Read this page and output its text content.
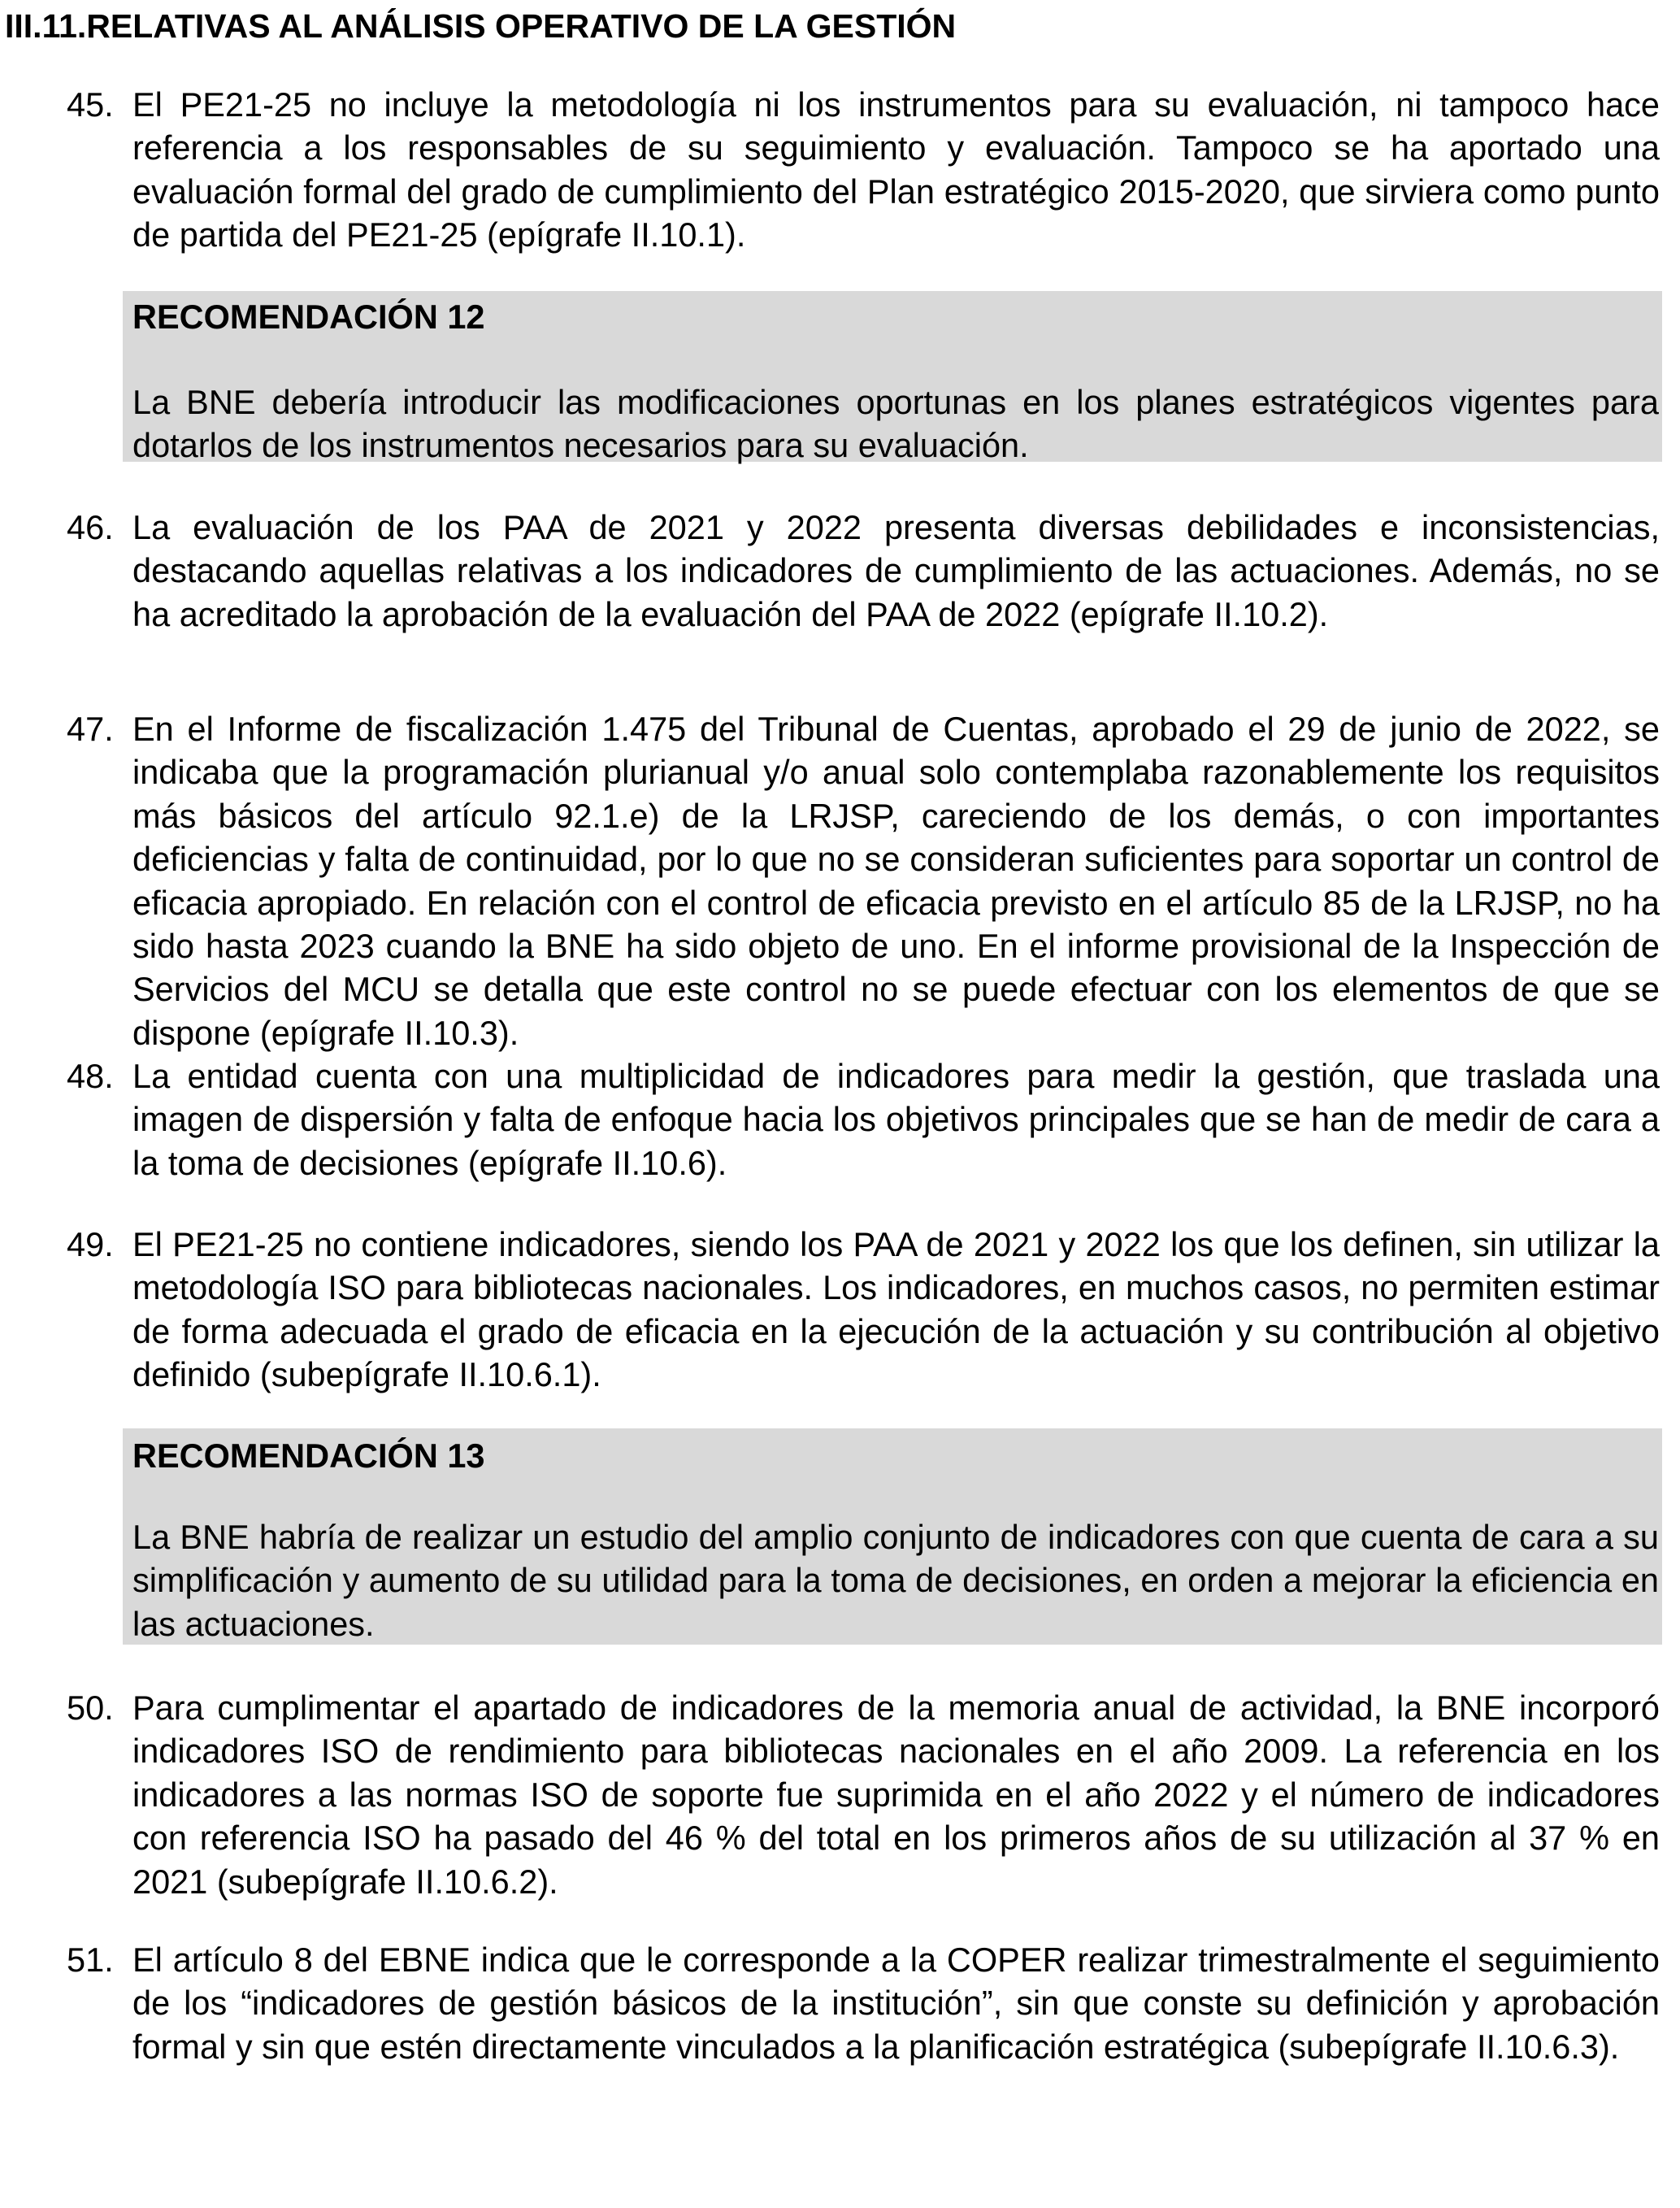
III.11.RELATIVAS AL ANÁLISIS OPERATIVO DE LA GESTIÓN
45. El PE21-25 no incluye la metodología ni los instrumentos para su evaluación, ni tampoco hace referencia a los responsables de su seguimiento y evaluación. Tampoco se ha aportado una evaluación formal del grado de cumplimiento del Plan estratégico 2015-2020, que sirviera como punto de partida del PE21-25 (epígrafe II.10.1).
RECOMENDACIÓN 12
La BNE debería introducir las modificaciones oportunas en los planes estratégicos vigentes para dotarlos de los instrumentos necesarios para su evaluación.
46. La evaluación de los PAA de 2021 y 2022 presenta diversas debilidades e inconsistencias, destacando aquellas relativas a los indicadores de cumplimiento de las actuaciones. Además, no se ha acreditado la aprobación de la evaluación del PAA de 2022 (epígrafe II.10.2).
47. En el Informe de fiscalización 1.475 del Tribunal de Cuentas, aprobado el 29 de junio de 2022, se indicaba que la programación plurianual y/o anual solo contemplaba razonablemente los requisitos más básicos del artículo 92.1.e) de la LRJSP, careciendo de los demás, o con importantes deficiencias y falta de continuidad, por lo que no se consideran suficientes para soportar un control de eficacia apropiado. En relación con el control de eficacia previsto en el artículo 85 de la LRJSP, no ha sido hasta 2023 cuando la BNE ha sido objeto de uno. En el informe provisional de la Inspección de Servicios del MCU se detalla que este control no se puede efectuar con los elementos de que se dispone (epígrafe II.10.3).
48. La entidad cuenta con una multiplicidad de indicadores para medir la gestión, que traslada una imagen de dispersión y falta de enfoque hacia los objetivos principales que se han de medir de cara a la toma de decisiones (epígrafe II.10.6).
49. El PE21-25 no contiene indicadores, siendo los PAA de 2021 y 2022 los que los definen, sin utilizar la metodología ISO para bibliotecas nacionales. Los indicadores, en muchos casos, no permiten estimar de forma adecuada el grado de eficacia en la ejecución de la actuación y su contribución al objetivo definido (subepígrafe II.10.6.1).
RECOMENDACIÓN 13
La BNE habría de realizar un estudio del amplio conjunto de indicadores con que cuenta de cara a su simplificación y aumento de su utilidad para la toma de decisiones, en orden a mejorar la eficiencia en las actuaciones.
50. Para cumplimentar el apartado de indicadores de la memoria anual de actividad, la BNE incorporó indicadores ISO de rendimiento para bibliotecas nacionales en el año 2009. La referencia en los indicadores a las normas ISO de soporte fue suprimida en el año 2022 y el número de indicadores con referencia ISO ha pasado del 46 % del total en los primeros años de su utilización al 37 % en 2021 (subepígrafe II.10.6.2).
51. El artículo 8 del EBNE indica que le corresponde a la COPER realizar trimestralmente el seguimiento de los “indicadores de gestión básicos de la institución”, sin que conste su definición y aprobación formal y sin que estén directamente vinculados a la planificación estratégica (subepígrafe II.10.6.3).
